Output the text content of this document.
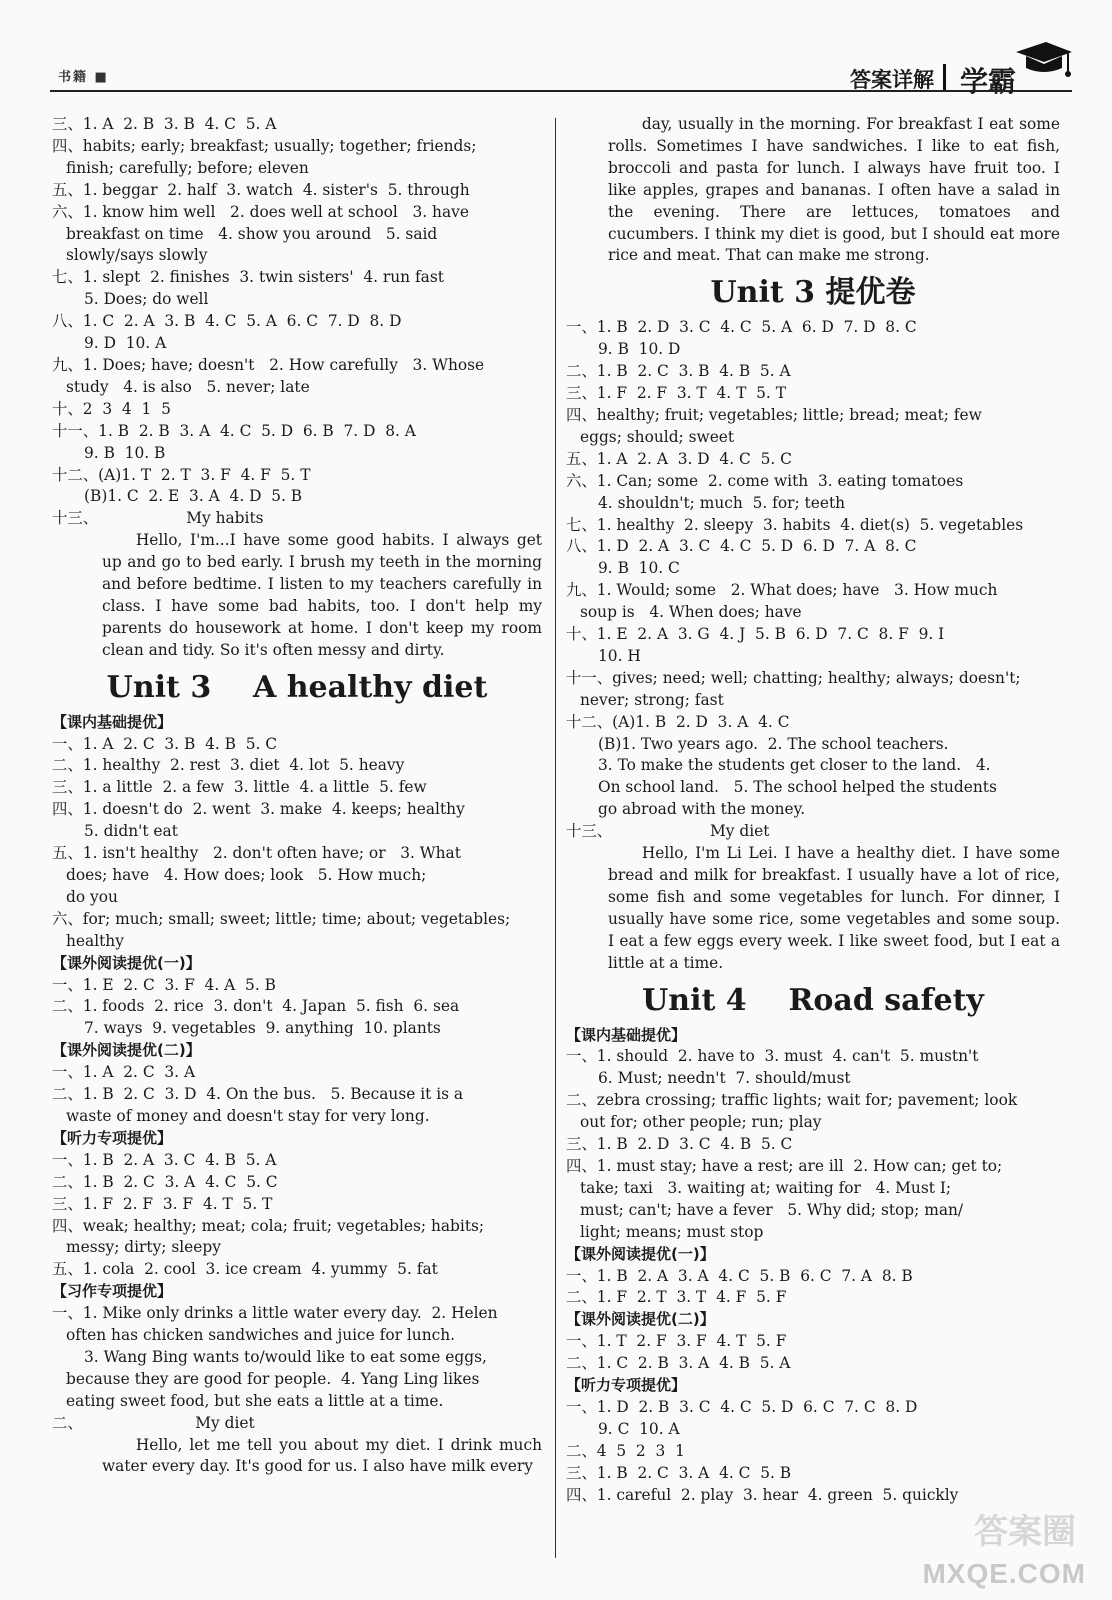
书籍 ■	答案详解 学霸
三、1. A  2. B  3. B  4. C  5. A
四、habits; early; breakfast; usually; together; friends;
finish; carefully; before; eleven
五、1. beggar  2. half  3. watch  4. sister's  5. through
六、1. know him well   2. does well at school   3. have
breakfast on time   4. show you around   5. said
slowly/says slowly
七、1. slept  2. finishes  3. twin sisters'  4. run fast
5. Does; do well
八、1. C  2. A  3. B  4. C  5. A  6. C  7. D  8. D
9. D  10. A
九、1. Does; have; doesn't   2. How carefully   3. Whose
study   4. is also   5. never; late
十、2  3  4  1  5
十一、1. B  2. B  3. A  4. C  5. D  6. B  7. D  8. A
9. B  10. B
十二、(A)1. T  2. T  3. F  4. F  5. T
(B)1. C  2. E  3. A  4. D  5. B
十三、                  My habits
Hello, I'm...I have some good habits. I always get up and go to bed early. I brush my teeth in the morning and before bedtime. I listen to my teachers carefully in class. I have some bad habits, too. I don't help my parents do housework at home. I don't keep my room clean and tidy. So it's often messy and dirty.
Unit 3    A healthy diet
【课内基础提优】
一、1. A  2. C  3. B  4. B  5. C
二、1. healthy  2. rest  3. diet  4. lot  5. heavy
三、1. a little  2. a few  3. little  4. a little  5. few
四、1. doesn't do  2. went  3. make  4. keeps; healthy
5. didn't eat
五、1. isn't healthy   2. don't often have; or   3. What
does; have   4. How does; look   5. How much;
do you
六、for; much; small; sweet; little; time; about; vegetables;
healthy
【课外阅读提优(一)】
一、1. E  2. C  3. F  4. A  5. B
二、1. foods  2. rice  3. don't  4. Japan  5. fish  6. sea
7. ways  9. vegetables  9. anything  10. plants
【课外阅读提优(二)】
一、1. A  2. C  3. A
二、1. B  2. C  3. D  4. On the bus.   5. Because it is a
waste of money and doesn't stay for very long.
【听力专项提优】
一、1. B  2. A  3. C  4. B  5. A
二、1. B  2. C  3. A  4. C  5. C
三、1. F  2. F  3. F  4. T  5. T
四、weak; healthy; meat; cola; fruit; vegetables; habits;
messy; dirty; sleepy
五、1. cola  2. cool  3. ice cream  4. yummy  5. fat
【习作专项提优】
一、1. Mike only drinks a little water every day.  2. Helen
often has chicken sandwiches and juice for lunch.
3. Wang Bing wants to/would like to eat some eggs,
because they are good for people.  4. Yang Ling likes
eating sweet food, but she eats a little at a time.
二、                       My diet
Hello, let me tell you about my diet. I drink much water every day. It's good for us. I also have milk every
day, usually in the morning. For breakfast I eat some rolls. Sometimes I have sandwiches. I like to eat fish, broccoli and pasta for lunch. I always have fruit too. I like apples, grapes and bananas. I often have a salad in the evening. There are lettuces, tomatoes and cucumbers. I think my diet is good, but I should eat more rice and meat. That can make me strong.
Unit 3 提优卷
一、1. B  2. D  3. C  4. C  5. A  6. D  7. D  8. C
9. B  10. D
二、1. B  2. C  3. B  4. B  5. A
三、1. F  2. F  3. T  4. T  5. T
四、healthy; fruit; vegetables; little; bread; meat; few
eggs; should; sweet
五、1. A  2. A  3. D  4. C  5. C
六、1. Can; some  2. come with  3. eating tomatoes
4. shouldn't; much  5. for; teeth
七、1. healthy  2. sleepy  3. habits  4. diet(s)  5. vegetables
八、1. D  2. A  3. C  4. C  5. D  6. D  7. A  8. C
9. B  10. C
九、1. Would; some   2. What does; have   3. How much
soup is   4. When does; have
十、1. E  2. A  3. G  4. J  5. B  6. D  7. C  8. F  9. I
10. H
十一、gives; need; well; chatting; healthy; always; doesn't;
never; strong; fast
十二、(A)1. B  2. D  3. A  4. C
(B)1. Two years ago.  2. The school teachers.
3. To make the students get closer to the land.   4.
On school land.   5. The school helped the students
go abroad with the money.
十三、                    My diet
Hello, I'm Li Lei. I have a healthy diet. I have some bread and milk for breakfast. I usually have a lot of rice, some fish and some vegetables for lunch. For dinner, I usually have some rice, some vegetables and some soup. I eat a few eggs every week. I like sweet food, but I eat a little at a time.
Unit 4    Road safety
【课内基础提优】
一、1. should  2. have to  3. must  4. can't  5. mustn't
6. Must; needn't  7. should/must
二、zebra crossing; traffic lights; wait for; pavement; look
out for; other people; run; play
三、1. B  2. D  3. C  4. B  5. C
四、1. must stay; have a rest; are ill  2. How can; get to;
take; taxi   3. waiting at; waiting for   4. Must I;
must; can't; have a fever   5. Why did; stop; man/
light; means; must stop
【课外阅读提优(一)】
一、1. B  2. A  3. A  4. C  5. B  6. C  7. A  8. B
二、1. F  2. T  3. T  4. F  5. F
【课外阅读提优(二)】
一、1. T  2. F  3. F  4. T  5. F
二、1. C  2. B  3. A  4. B  5. A
【听力专项提优】
一、1. D  2. B  3. C  4. C  5. D  6. C  7. C  8. D
9. C  10. A
二、4  5  2  3  1
三、1. B  2. C  3. A  4. C  5. B
四、1. careful  2. play  3. hear  4. green  5. quickly
答案圈
MXQE.COM
